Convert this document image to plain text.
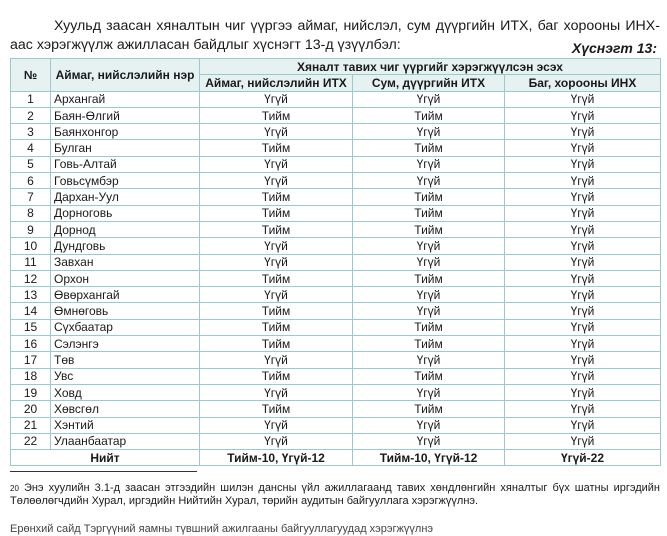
Хуульд заасан хяналтын чиг үүргээ аймаг, нийслэл, сум дүүргийн ИТХ, баг хорооны ИНХ-аас хэрэгжүүлж ажилласан байдлыг хүснэгт 13-д үзүүлбэл:	Хүснэгт 13:
№	Аймаг, нийслэлийн нэр	Хяналт тавих чиг үүргийг хэрэгжүүлсэн эсэх		
		Аймаг, нийслэлийн ИТХ	Сум, дүүргийн ИТХ	Баг, хорооны ИНХ
1	Архангай	Үгүй	Үгүй	Үгүй
2	Баян-Өлгий	Тийм	Тийм	Үгүй
3	Баянхонгор	Үгүй	Үгүй	Үгүй
4	Булган	Тийм	Тийм	Үгүй
5	Говь-Алтай	Үгүй	Үгүй	Үгүй
6	Говьсүмбэр	Үгүй	Үгүй	Үгүй
7	Дархан-Уул	Тийм	Тийм	Үгүй
8	Дорноговь	Тийм	Тийм	Үгүй
9	Дорнод	Тийм	Тийм	Үгүй
10	Дундговь	Үгүй	Үгүй	Үгүй
11	Завхан	Үгүй	Үгүй	Үгүй
12	Орхон	Тийм	Тийм	Үгүй
13	Өвөрхангай	Үгүй	Үгүй	Үгүй
14	Өмнөговь	Тийм	Үгүй	Үгүй
15	Сүхбаатар	Тийм	Тийм	Үгүй
16	Сэлэнгэ	Тийм	Тийм	Үгүй
17	Төв	Үгүй	Үгүй	Үгүй
18	Увс	Тийм	Тийм	Үгүй
19	Ховд	Үгүй	Үгүй	Үгүй
20	Хөвсгөл	Тийм	Тийм	Үгүй
21	Хэнтий	Үгүй	Үгүй	Үгүй
22	Улаанбаатар	Үгүй	Үгүй	Үгүй
Нийт		Тийм-10, Үгүй-12	Тийм-10, Үгүй-12	Үгүй-22
$^{20}$ Энэ хуулийн 3.1-д заасан этгээдийн шилэн дансны үйл ажиллагаанд тавих хөндлөнгийн хяналтыг бүх шатны иргэдийн Төлөөлөгчдийн Хурал, иргэдийн Нийтийн Хурал, төрийн аудитын байгууллага хэрэгжүүлнэ.
Ерөнхий сайд Тэргүүний яамны түвшний ажилгааны байгууллагуудад хэрэгжүүлнэ
